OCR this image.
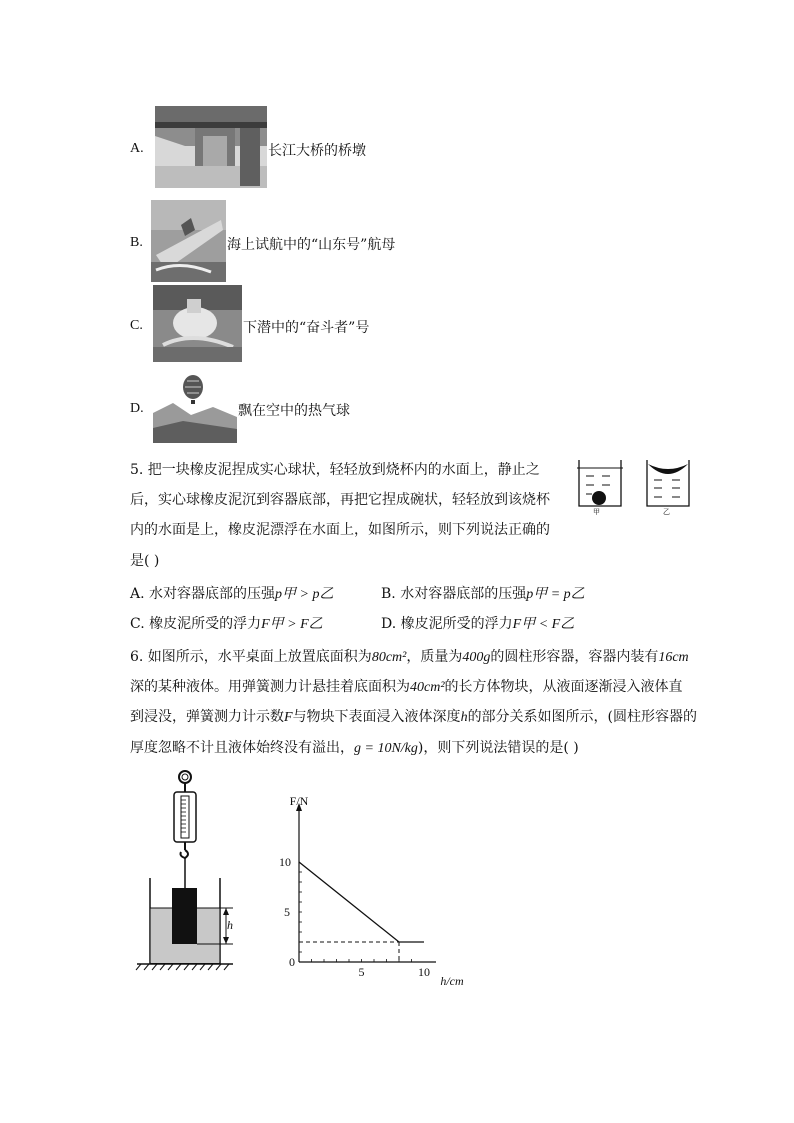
A.	长江大桥的桥墩
B.	海上试航中的“山东号”航母
C.	下潜中的“奋斗者”号
D.	飘在空中的热气球
5. 把一块橡皮泥捏成实心球状，轻轻放到烧杯内的水面上，静止之
后，实心球橡皮泥沉到容器底部，再把它捏成碗状，轻轻放到该烧杯
内的水面是上，橡皮泥漂浮在水面上，如图所示，则下列说法正确的
是( )
甲	乙
A. 水对容器底部的压强p甲 > p乙	B. 水对容器底部的压强p甲 = p乙
C. 橡皮泥所受的浮力F甲 > F乙	D. 橡皮泥所受的浮力F甲 < F乙
6. 如图所示，水平桌面上放置底面积为80cm²，质量为400g的圆柱形容器，容器内装有16cm
深的某种液体。用弹簧测力计悬挂着底面积为40cm²的长方体物块，从液面逐渐浸入液体直
到浸没，弹簧测力计示数F与物块下表面浸入液体深度h的部分关系如图所示，(圆柱形容器的
厚度忽略不计且液体始终没有溢出，g = 10N/kg)，则下列说法错误的是( )
h
0
5	10
5
10
F/N
h/cm
